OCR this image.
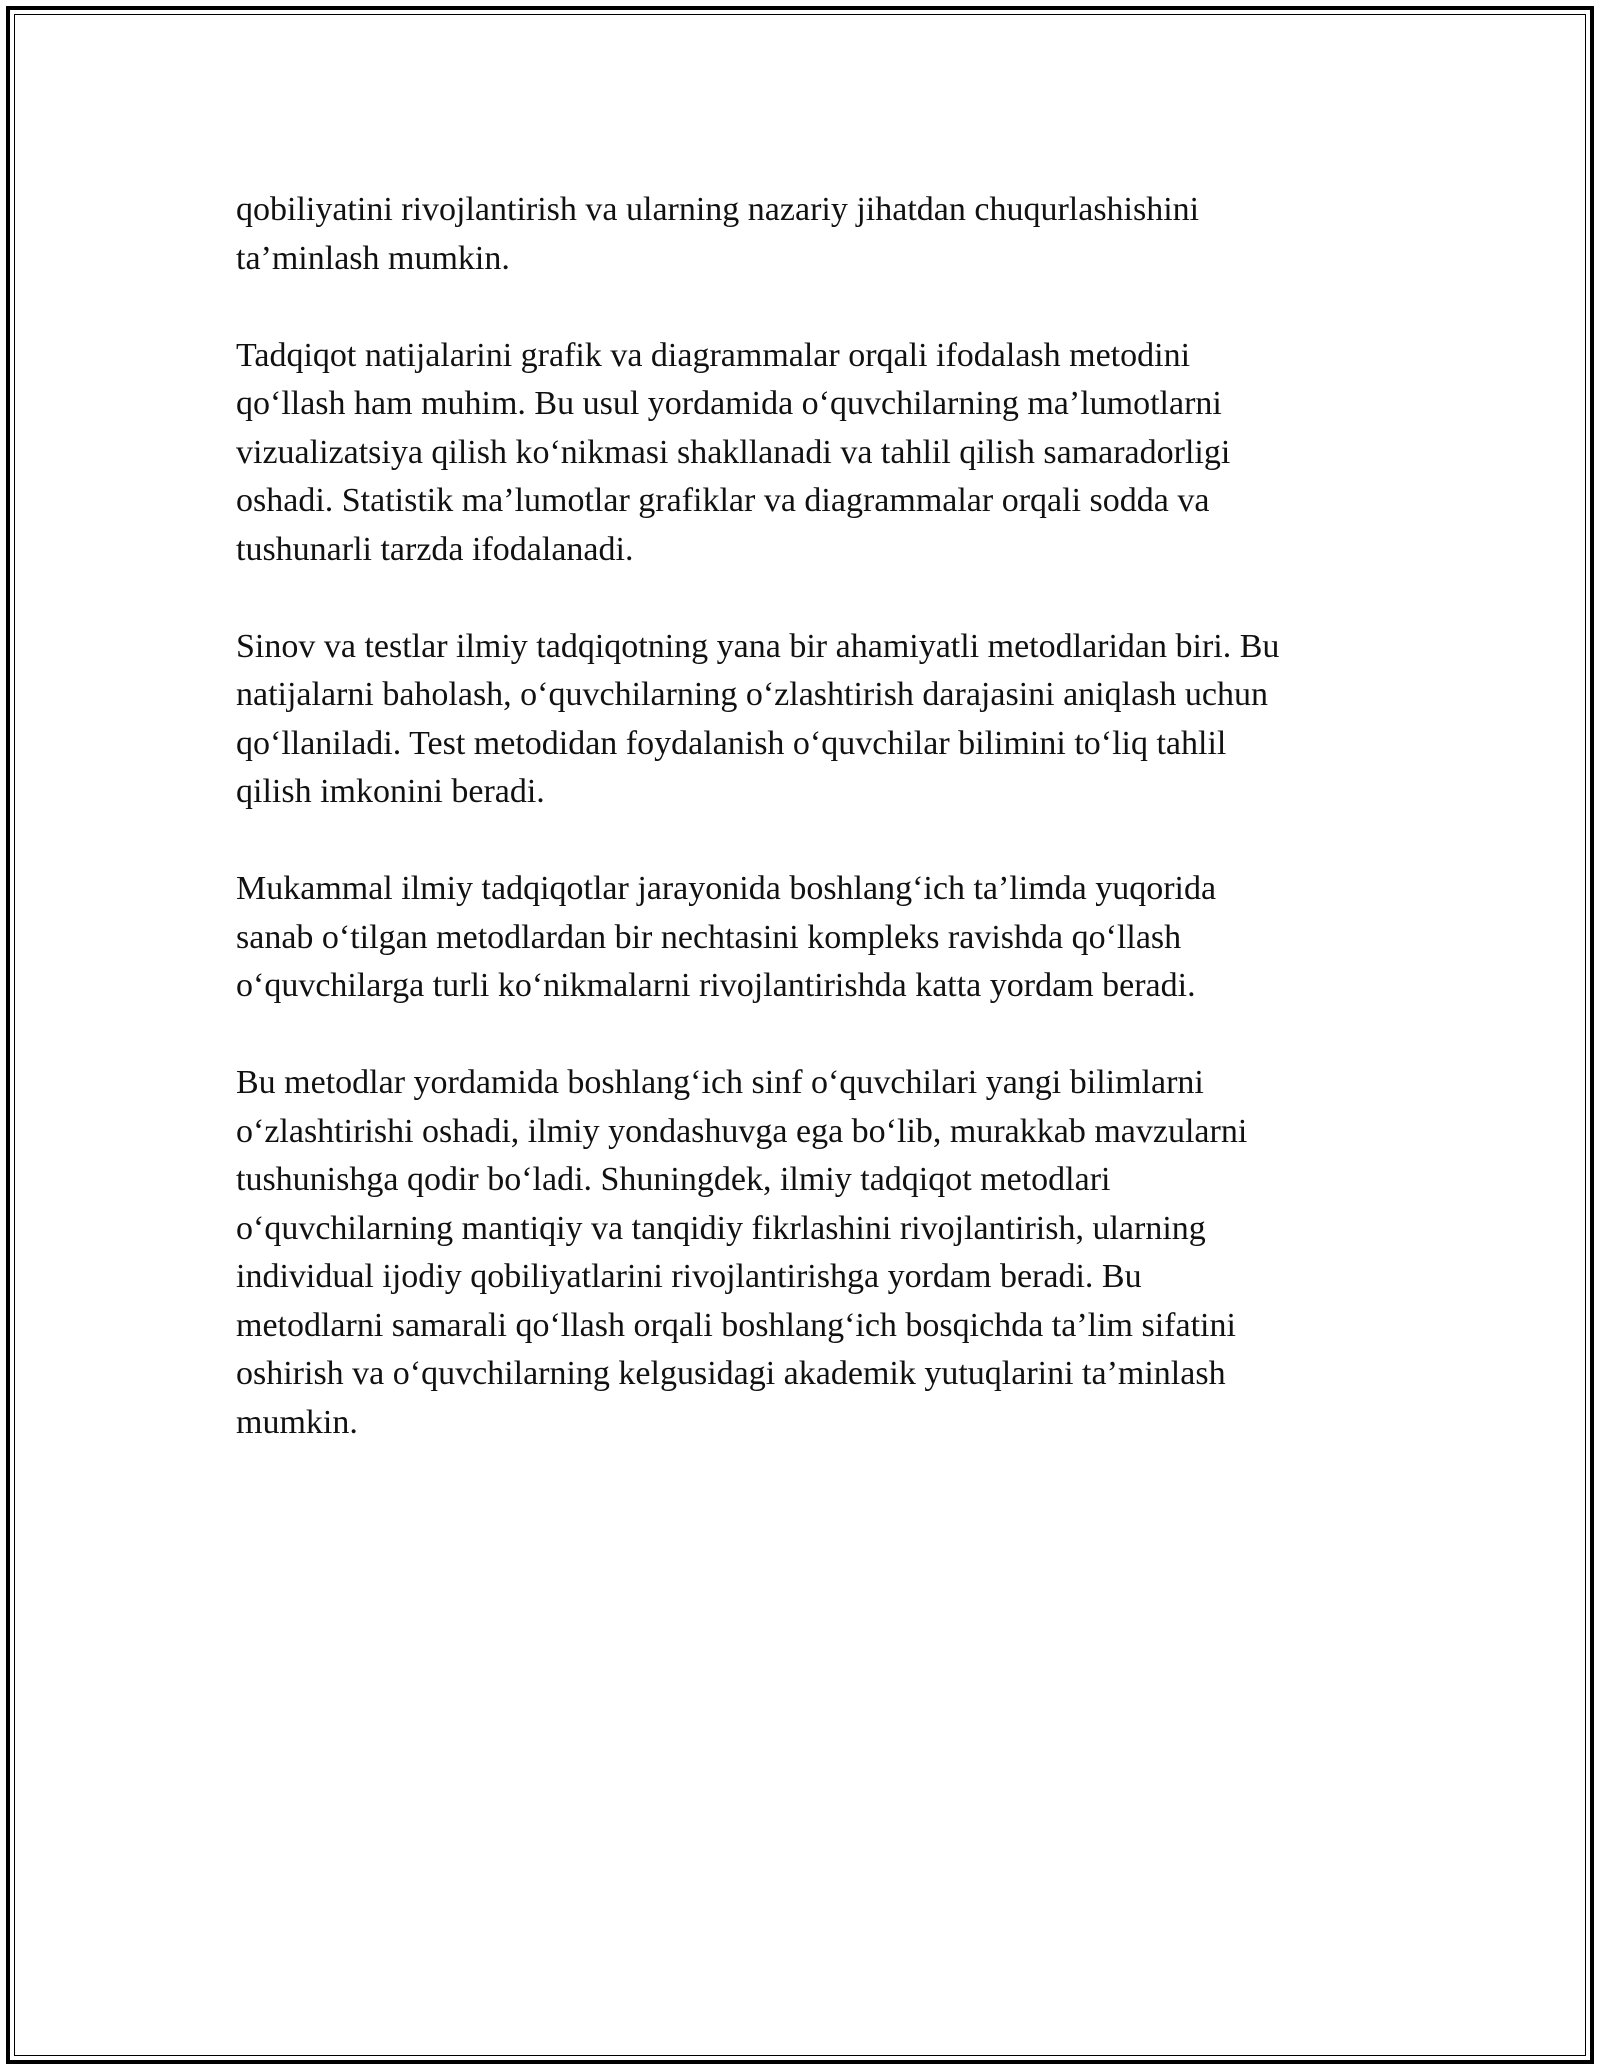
qobiliyatini rivojlantirish va ularning nazariy jihatdan chuqurlashishini
ta’minlash mumkin.

Tadqiqot natijalarini grafik va diagrammalar orqali ifodalash metodini
qo‘llash ham muhim. Bu usul yordamida o‘quvchilarning ma’lumotlarni
vizualizatsiya qilish ko‘nikmasi shakllanadi va tahlil qilish samaradorligi
oshadi. Statistik ma’lumotlar grafiklar va diagrammalar orqali sodda va
tushunarli tarzda ifodalanadi.

Sinov va testlar ilmiy tadqiqotning yana bir ahamiyatli metodlaridan biri. Bu
natijalarni baholash, o‘quvchilarning o‘zlashtirish darajasini aniqlash uchun
qo‘llaniladi. Test metodidan foydalanish o‘quvchilar bilimini to‘liq tahlil
qilish imkonini beradi.

Mukammal ilmiy tadqiqotlar jarayonida boshlang‘ich ta’limda yuqorida
sanab o‘tilgan metodlardan bir nechtasini kompleks ravishda qo‘llash
o‘quvchilarga turli ko‘nikmalarni rivojlantirishda katta yordam beradi.

Bu metodlar yordamida boshlang‘ich sinf o‘quvchilari yangi bilimlarni
o‘zlashtirishi oshadi, ilmiy yondashuvga ega bo‘lib, murakkab mavzularni
tushunishga qodir bo‘ladi. Shuningdek, ilmiy tadqiqot metodlari
o‘quvchilarning mantiqiy va tanqidiy fikrlashini rivojlantirish, ularning
individual ijodiy qobiliyatlarini rivojlantirishga yordam beradi. Bu
metodlarni samarali qo‘llash orqali boshlang‘ich bosqichda ta’lim sifatini
oshirish va o‘quvchilarning kelgusidagi akademik yutuqlarini ta’minlash
mumkin.
